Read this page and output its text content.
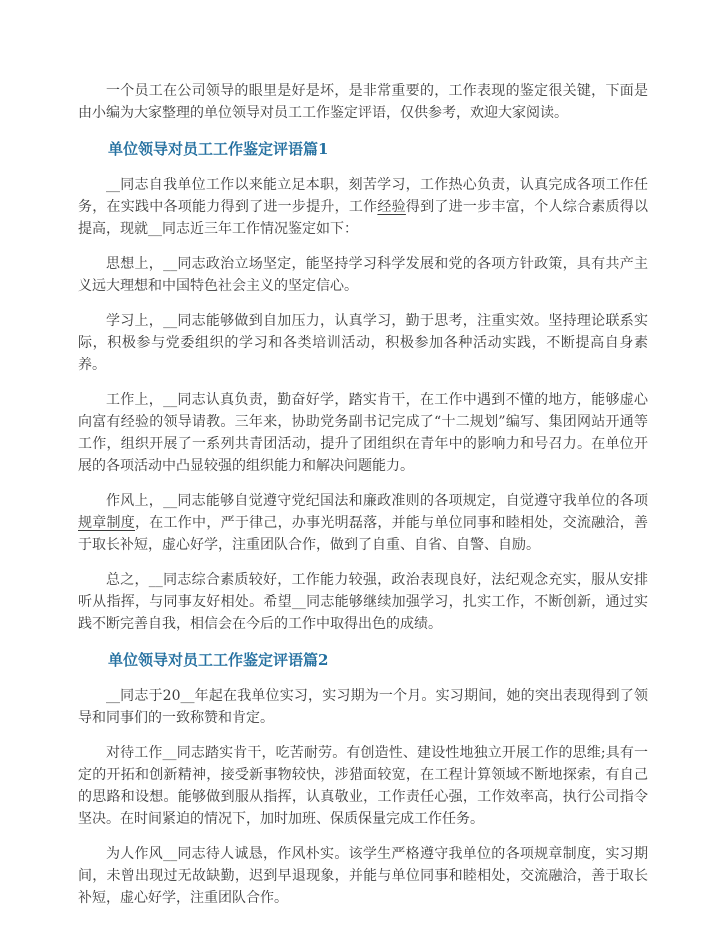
一个员工在公司领导的眼里是好是坏，是非常重要的，工作表现的鉴定很关键，下面是由小编为大家整理的单位领导对员工工作鉴定评语，仅供参考，欢迎大家阅读。

单位领导对员工工作鉴定评语篇1

__同志自我单位工作以来能立足本职，刻苦学习，工作热心负责，认真完成各项工作任务，在实践中各项能力得到了进一步提升，工作经验得到了进一步丰富，个人综合素质得以提高，现就__同志近三年工作情况鉴定如下：

思想上，__同志政治立场坚定，能坚持学习科学发展和党的各项方针政策，具有共产主义远大理想和中国特色社会主义的坚定信心。

学习上，__同志能够做到自加压力，认真学习，勤于思考，注重实效。坚持理论联系实际，积极参与党委组织的学习和各类培训活动，积极参加各种活动实践，不断提高自身素养。

工作上，__同志认真负责，勤奋好学，踏实肯干，在工作中遇到不懂的地方，能够虚心向富有经验的领导请教。三年来，协助党务副书记完成了“十二规划”编写、集团网站开通等工作，组织开展了一系列共青团活动，提升了团组织在青年中的影响力和号召力。在单位开展的各项活动中凸显较强的组织能力和解决问题能力。

作风上，__同志能够自觉遵守党纪国法和廉政准则的各项规定，自觉遵守我单位的各项规章制度，在工作中，严于律己，办事光明磊落，并能与单位同事和睦相处，交流融洽，善于取长补短，虚心好学，注重团队合作，做到了自重、自省、自警、自励。

总之，__同志综合素质较好，工作能力较强，政治表现良好，法纪观念充实，服从安排听从指挥，与同事友好相处。希望__同志能够继续加强学习，扎实工作，不断创新，通过实践不断完善自我，相信会在今后的工作中取得出色的成绩。

单位领导对员工工作鉴定评语篇2

__同志于20__年起在我单位实习，实习期为一个月。实习期间，她的突出表现得到了领导和同事们的一致称赞和肯定。

对待工作__同志踏实肯干，吃苦耐劳。有创造性、建设性地独立开展工作的思维;具有一定的开拓和创新精神，接受新事物较快，涉猎面较宽，在工程计算领域不断地探索，有自己的思路和设想。能够做到服从指挥，认真敬业，工作责任心强，工作效率高，执行公司指令坚决。在时间紧迫的情况下，加时加班、保质保量完成工作任务。

为人作风__同志待人诚恳，作风朴实。该学生严格遵守我单位的各项规章制度，实习期间，未曾出现过无故缺勤，迟到早退现象，并能与单位同事和睦相处，交流融洽，善于取长补短，虚心好学，注重团队合作。
